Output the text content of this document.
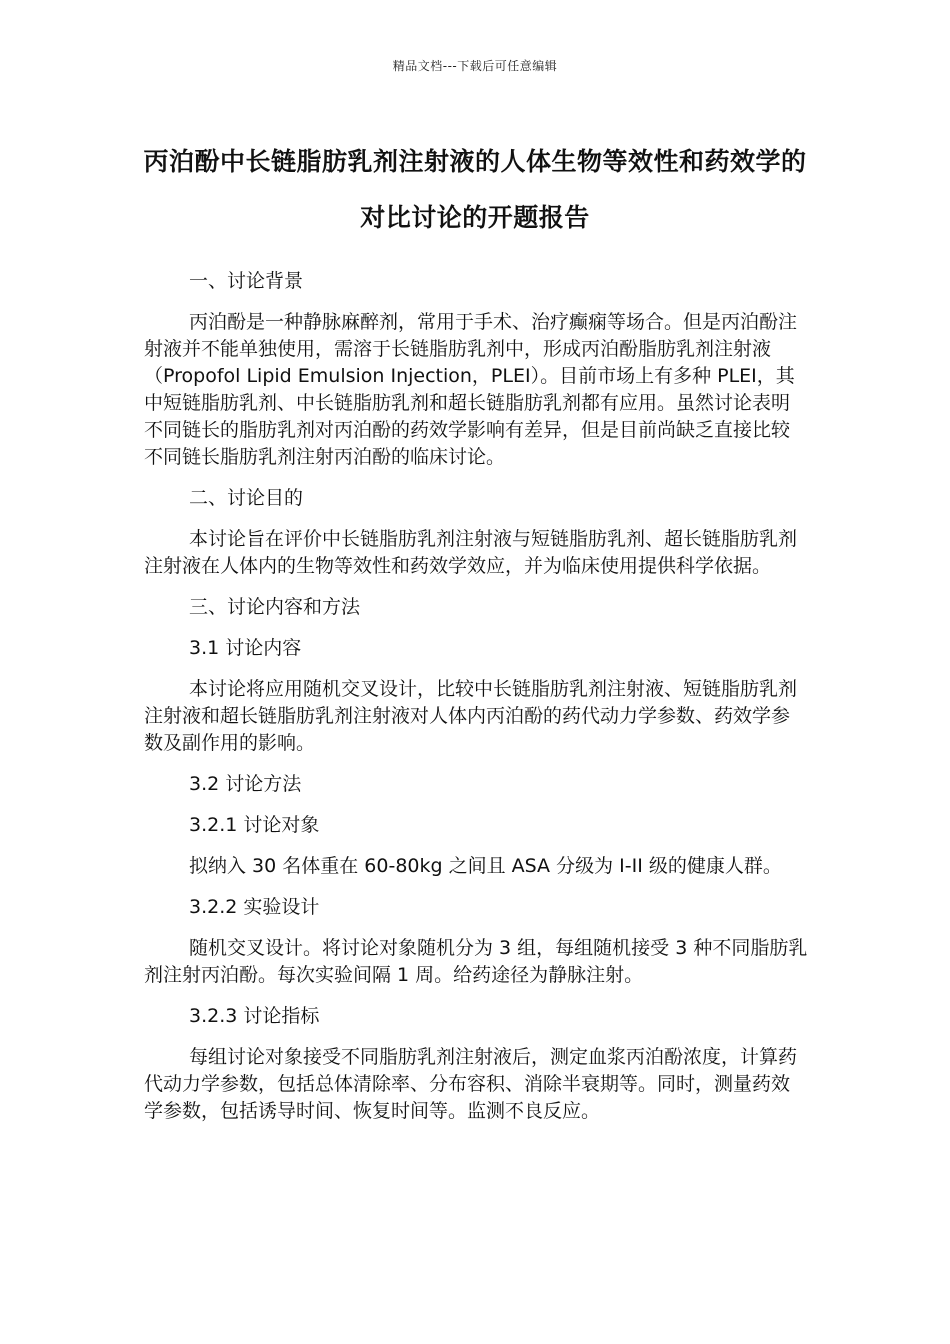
精品文档---下载后可任意编辑
丙泊酚中长链脂肪乳剂注射液的人体生物等效性和药效学的对比讨论的开题报告

一、讨论背景

丙泊酚是一种静脉麻醉剂，常用于手术、治疗癫痫等场合。但是丙泊酚注射液并不能单独使用，需溶于长链脂肪乳剂中，形成丙泊酚脂肪乳剂注射液（Propofol Lipid Emulsion Injection，PLEI）。目前市场上有多种 PLEI，其中短链脂肪乳剂、中长链脂肪乳剂和超长链脂肪乳剂都有应用。虽然讨论表明不同链长的脂肪乳剂对丙泊酚的药效学影响有差异，但是目前尚缺乏直接比较不同链长脂肪乳剂注射丙泊酚的临床讨论。

二、讨论目的

本讨论旨在评价中长链脂肪乳剂注射液与短链脂肪乳剂、超长链脂肪乳剂注射液在人体内的生物等效性和药效学效应，并为临床使用提供科学依据。

三、讨论内容和方法

3.1 讨论内容

本讨论将应用随机交叉设计，比较中长链脂肪乳剂注射液、短链脂肪乳剂注射液和超长链脂肪乳剂注射液对人体内丙泊酚的药代动力学参数、药效学参数及副作用的影响。

3.2 讨论方法

3.2.1 讨论对象

拟纳入 30 名体重在 60-80kg 之间且 ASA 分级为 I-II 级的健康人群。

3.2.2 实验设计

随机交叉设计。将讨论对象随机分为 3 组，每组随机接受 3 种不同脂肪乳剂注射丙泊酚。每次实验间隔 1 周。给药途径为静脉注射。

3.2.3 讨论指标

每组讨论对象接受不同脂肪乳剂注射液后，测定血浆丙泊酚浓度，计算药代动力学参数，包括总体清除率、分布容积、消除半衰期等。同时，测量药效学参数，包括诱导时间、恢复时间等。监测不良反应。
